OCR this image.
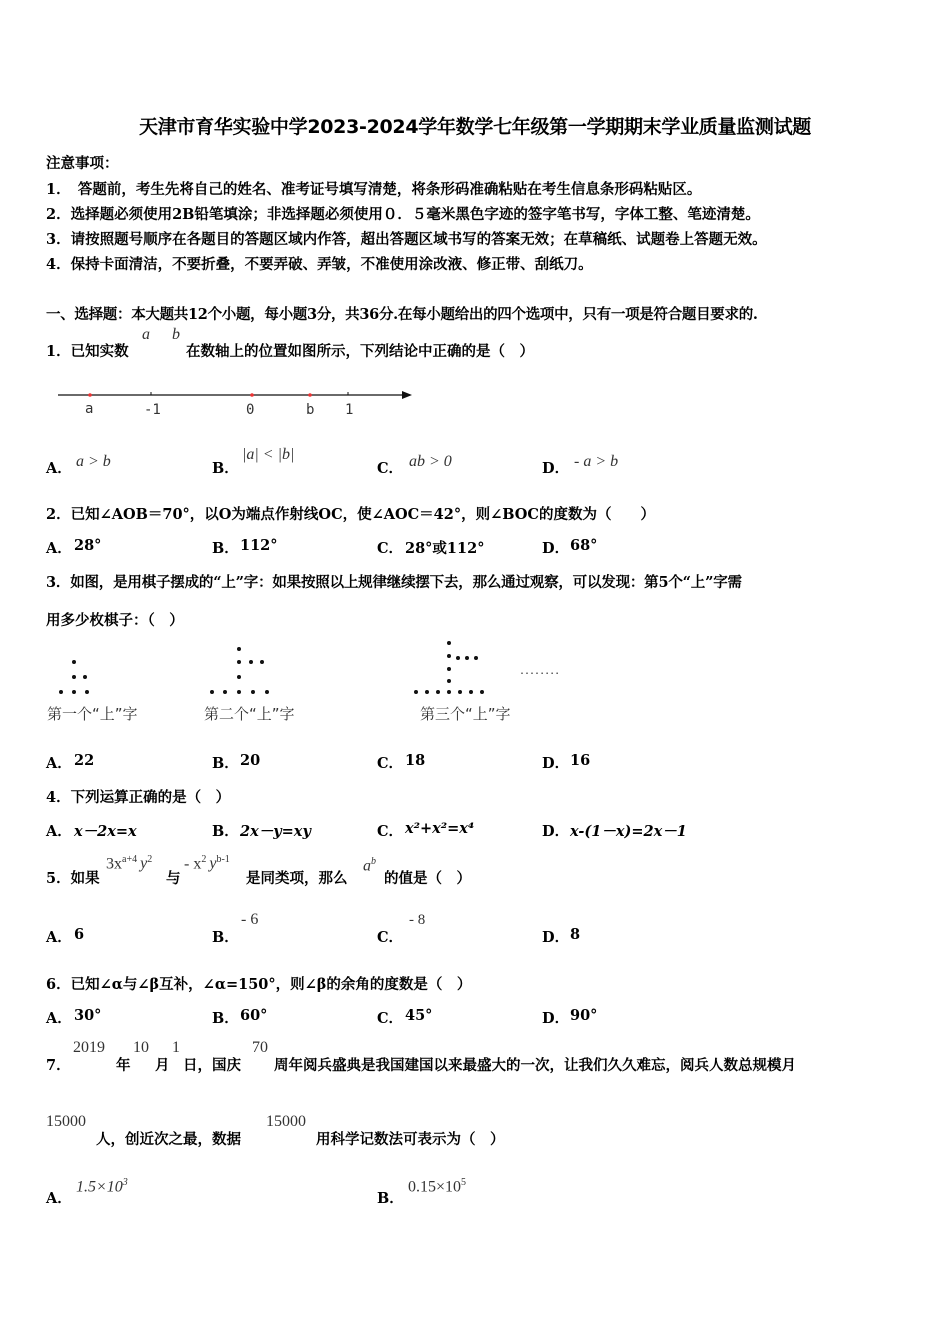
天津市育华实验中学2023-2024学年数学七年级第一学期期末学业质量监测试题
注意事项：
1．　答题前，考生先将自己的姓名、准考证号填写清楚，将条形码准确粘贴在考生信息条形码粘贴区。
2．选择题必须使用2B铅笔填涂；非选择题必须使用０．５毫米黑色字迹的签字笔书写，字体工整、笔迹清楚。
3．请按照题号顺序在各题目的答题区域内作答，超出答题区域书写的答案无效；在草稿纸、试题卷上答题无效。
4．保持卡面清洁，不要折叠，不要弄破、弄皱，不准使用涂改液、修正带、刮纸刀。
一、选择题：本大题共12个小题，每小题3分，共36分.在每小题给出的四个选项中，只有一项是符合题目要求的.
1．已知实数
a b
在数轴上的位置如图所示，下列结论中正确的是（　）
a	-1	0	b 1
A． a > b	B．
|a| < |b|
C． ab > 0	D． - a > b
2．已知∠AOB＝70°，以O为端点作射线OC，使∠AOC＝42°，则∠BOC的度数为（　　）
A． 28°	B． 112°	C． 28°或112°	D． 68°
3．如图，是用棋子摆成的“上”字：如果按照以上规律继续摆下去，那么通过观察，可以发现：第5个“上”字需
用多少枚棋子：（　）
第一个“上”字	第二个“上”字	第三个“上”字
........
A． 22	B． 20	C． 18	D． 16
4．下列运算正确的是（　）
A． x－2x=x	B． 2x－y=xy	C． x²+x²=x⁴	D． x-(1－x)=2x－1
5．如果
$3x^{a+4}$ $y^2$
与
- $x^2$ $y^{b-1}$
是同类项，那么
$a^b$
的值是（　）
A． 6	B．
- 6
C．
- 8
D． 8
6．已知∠α与∠β互补，∠α=150°，则∠β的余角的度数是（　）
A． 30°	B． 60°	C． 45°	D． 90°
7．
2019
年
10
月
1
日，国庆
70
周年阅兵盛典是我国建国以来最盛大的一次，让我们久久难忘，阅兵人数总规模月
15000
人，创近次之最，数据
15000
用科学记数法可表示为（　）
A．
$1.5\times 10^3$
B．
$0.15\times 10^5$
